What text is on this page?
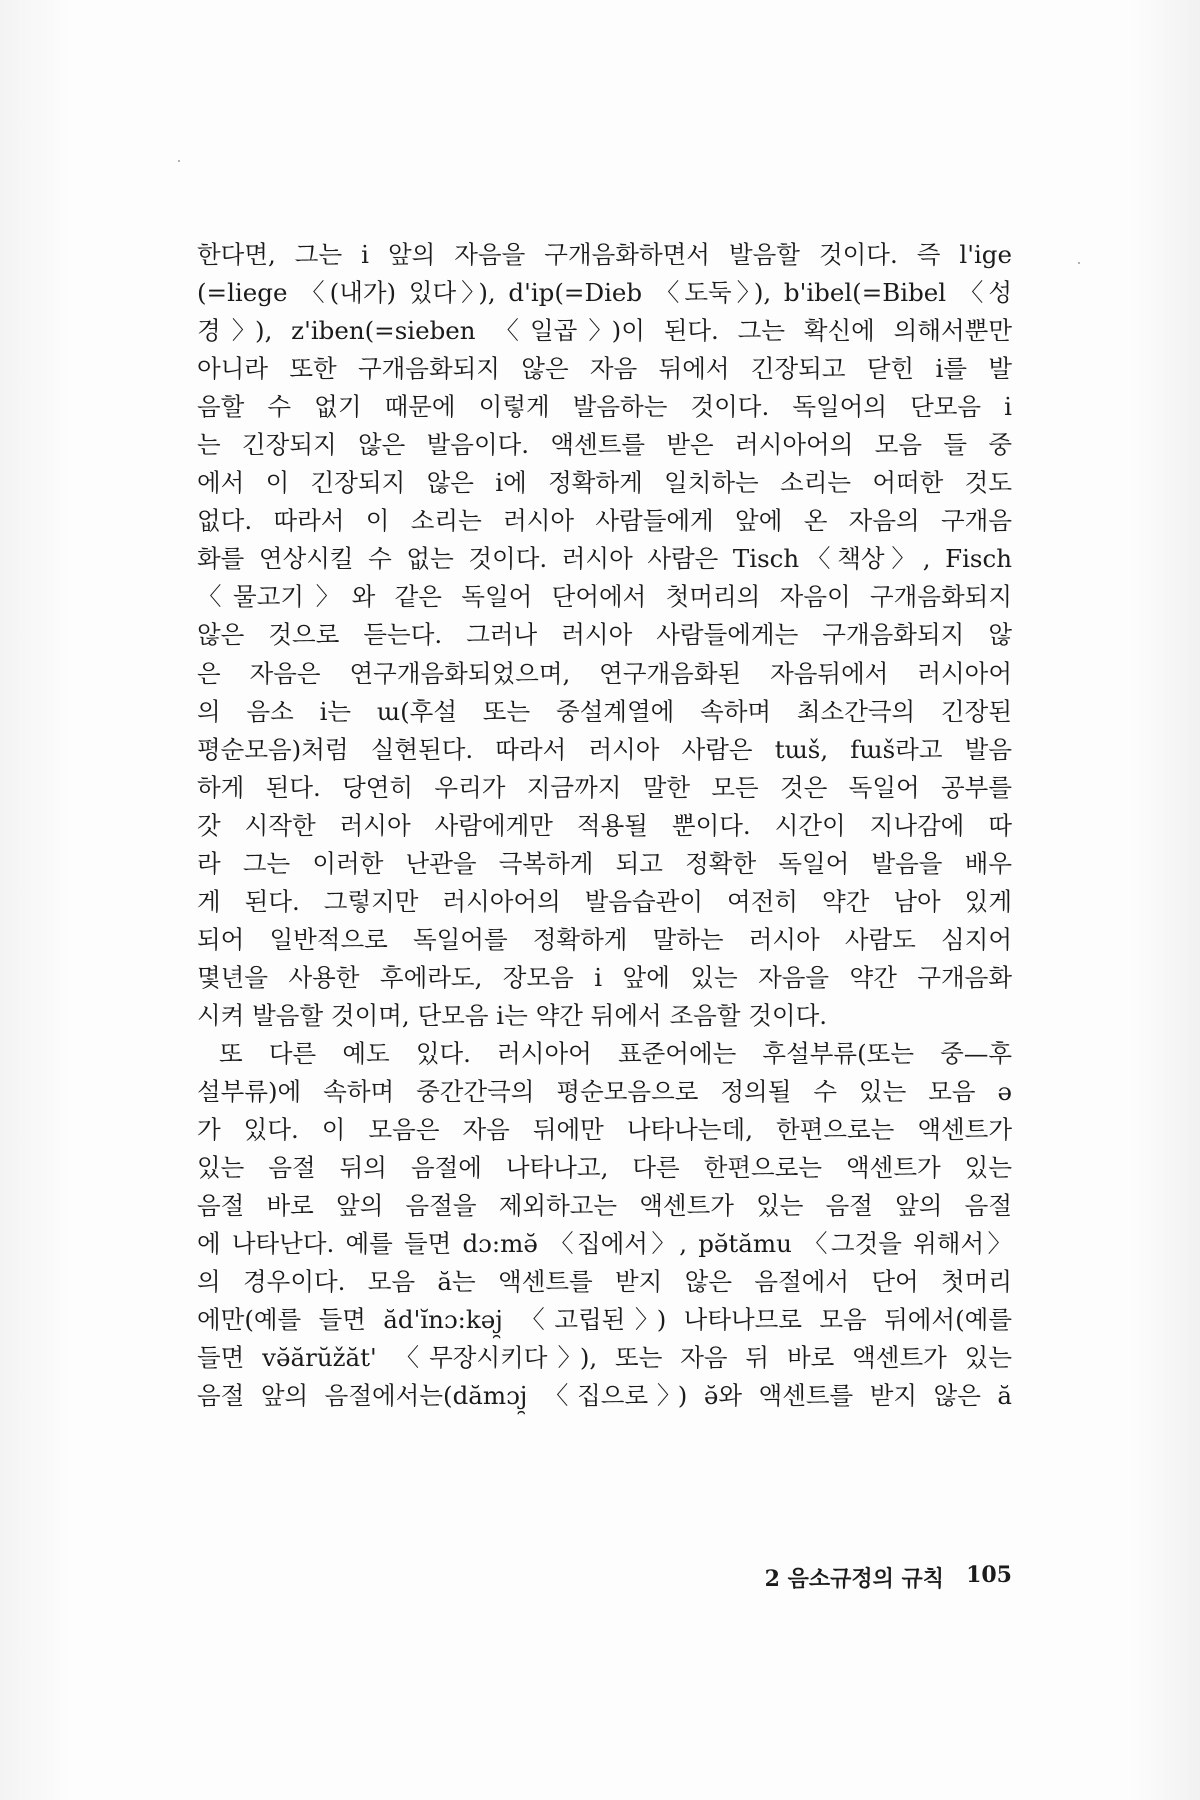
한다면, 그는 i 앞의 자음을 구개음화하면서 발음할 것이다. 즉 l'ige
(=liege 〈(내가) 있다〉), d'ip(=Dieb 〈도둑〉), b'ibel(=Bibel 〈성
경〉), z'iben(=sieben 〈일곱〉)이 된다. 그는 확신에 의해서뿐만
아니라 또한 구개음화되지 않은 자음 뒤에서 긴장되고 닫힌 i를 발
음할 수 없기 때문에 이렇게 발음하는 것이다. 독일어의 단모음 i
는 긴장되지 않은 발음이다. 액센트를 받은 러시아어의 모음 들 중
에서 이 긴장되지 않은 i에 정확하게 일치하는 소리는 어떠한 것도
없다. 따라서 이 소리는 러시아 사람들에게 앞에 온 자음의 구개음
화를 연상시킬 수 없는 것이다. 러시아 사람은 Tisch〈책상〉, Fisch
〈물고기〉와 같은 독일어 단어에서 첫머리의 자음이 구개음화되지
않은 것으로 듣는다. 그러나 러시아 사람들에게는 구개음화되지 않
은 자음은 연구개음화되었으며, 연구개음화된 자음뒤에서 러시아어
의 음소 i는 ɯ(후설 또는 중설계열에 속하며 최소간극의 긴장된
평순모음)처럼 실현된다. 따라서 러시아 사람은 tɯš, fɯš라고 발음
하게 된다. 당연히 우리가 지금까지 말한 모든 것은 독일어 공부를
갓 시작한 러시아 사람에게만 적용될 뿐이다. 시간이 지나감에 따
라 그는 이러한 난관을 극복하게 되고 정확한 독일어 발음을 배우
게 된다. 그렇지만 러시아어의 발음습관이 여전히 약간 남아 있게
되어 일반적으로 독일어를 정확하게 말하는 러시아 사람도 심지어
몇년을 사용한 후에라도, 장모음 i 앞에 있는 자음을 약간 구개음화
시켜 발음할 것이며, 단모음 i는 약간 뒤에서 조음할 것이다.
또 다른 예도 있다. 러시아어 표준어에는 후설부류(또는 중—후
설부류)에 속하며 중간간극의 평순모음으로 정의될 수 있는 모음 ə
가 있다. 이 모음은 자음 뒤에만 나타나는데, 한편으로는 액센트가
있는 음절 뒤의 음절에 나타나고, 다른 한편으로는 액센트가 있는
음절 바로 앞의 음절을 제외하고는 액센트가 있는 음절 앞의 음절
에 나타난다. 예를 들면 dɔ:mə̆ 〈집에서〉, pə̆tămu 〈그것을 위해서〉
의 경우이다. 모음 ă는 액센트를 받지 않은 음절에서 단어 첫머리
에만(예를 들면 ăd'ĭnɔ:kəj̯ 〈고립된〉) 나타나므로 모음 뒤에서(예를
들면 və̆ărŭžăt' 〈무장시키다〉), 또는 자음 뒤 바로 액센트가 있는
음절 앞의 음절에서는(dămɔj̯ 〈집으로〉) ə̆와 액센트를 받지 않은 ă
2 음소규정의 규칙 105
